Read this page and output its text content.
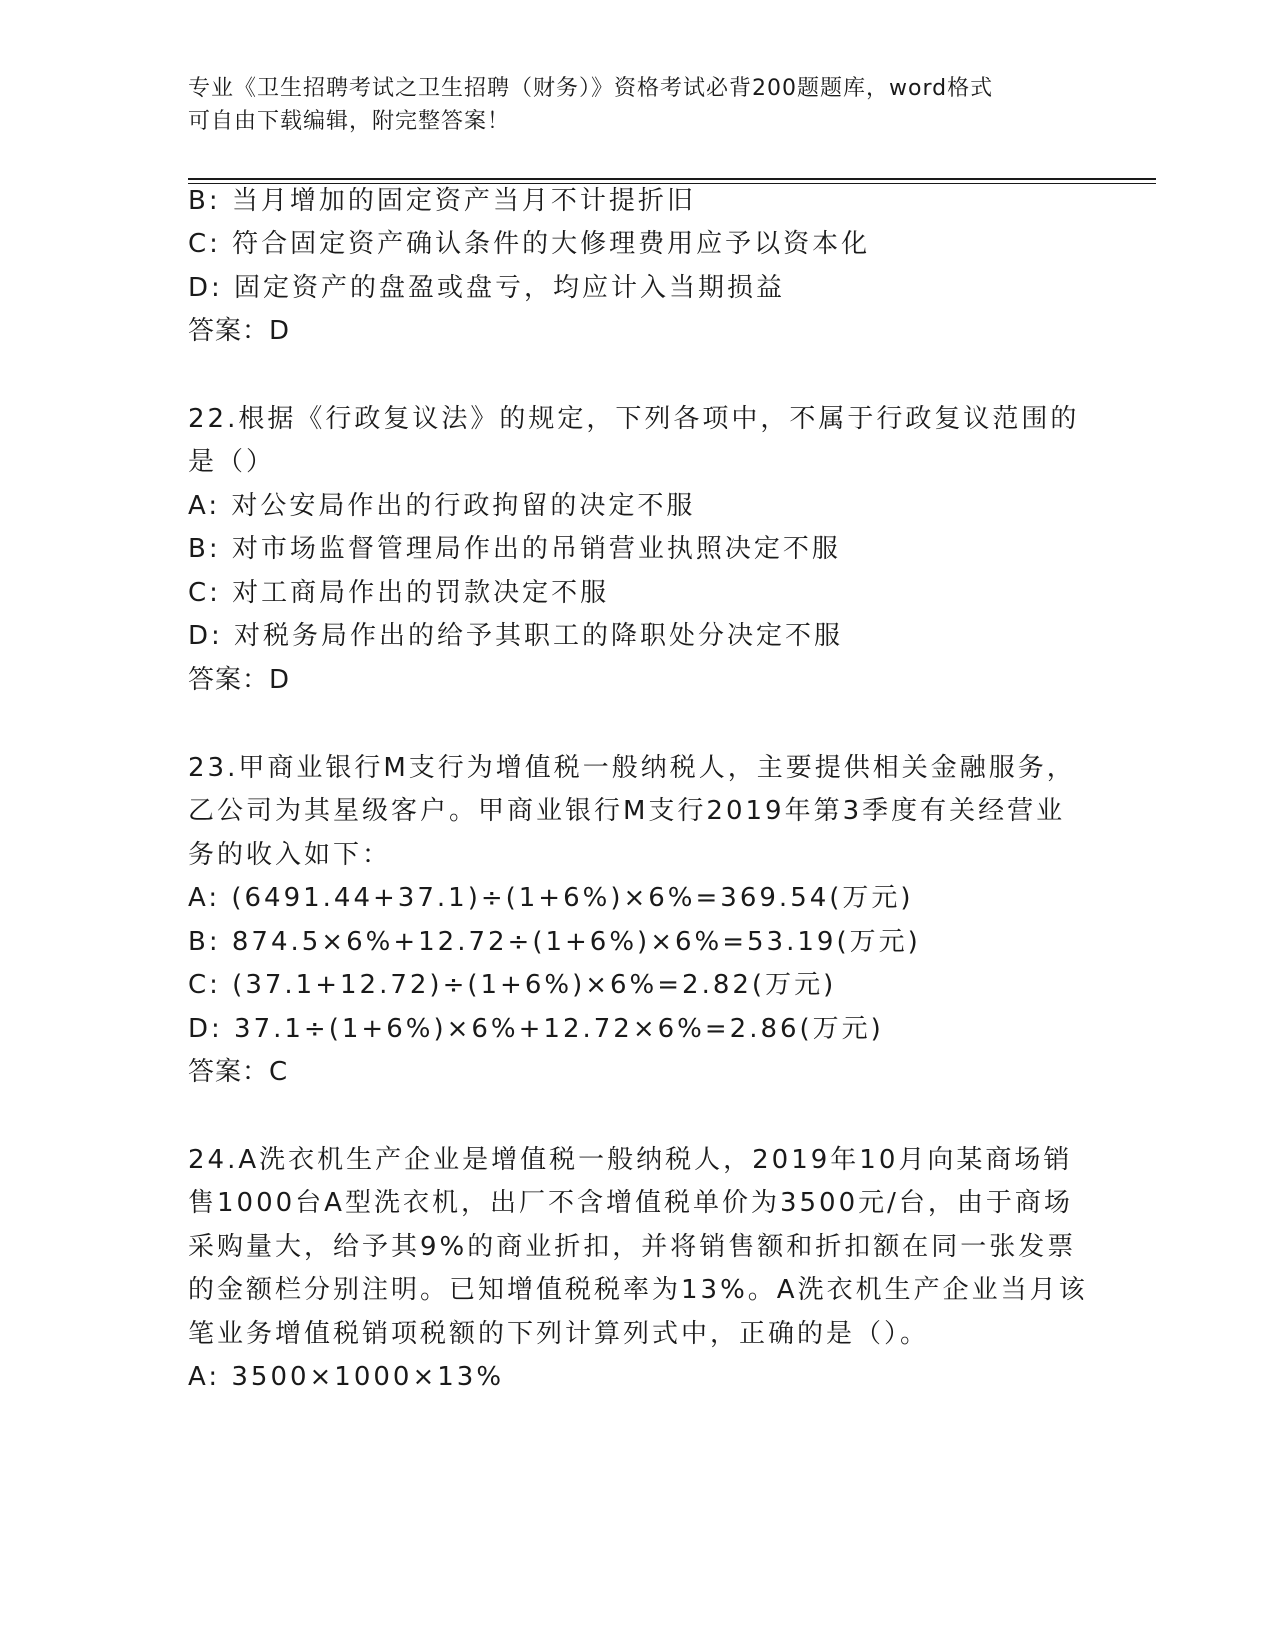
专业《卫生招聘考试之卫生招聘（财务）》资格考试必背200题题库，word格式
可自由下载编辑，附完整答案！
B: 当月增加的固定资产当月不计提折旧
C: 符合固定资产确认条件的大修理费用应予以资本化
D: 固定资产的盘盈或盘亏，均应计入当期损益
答案：D
22.根据《行政复议法》的规定，下列各项中，不属于行政复议范围的
是（）
A: 对公安局作出的行政拘留的决定不服
B: 对市场监督管理局作出的吊销营业执照决定不服
C: 对工商局作出的罚款决定不服
D: 对税务局作出的给予其职工的降职处分决定不服
答案：D
23.甲商业银行M支行为增值税一般纳税人，主要提供相关金融服务，
乙公司为其星级客户。甲商业银行M支行2019年第3季度有关经营业
务的收入如下：
A: (6491.44+37.1)÷(1+6%)×6%=369.54(万元)
B: 874.5×6%+12.72÷(1+6%)×6%=53.19(万元)
C: (37.1+12.72)÷(1+6%)×6%=2.82(万元)
D: 37.1÷(1+6%)×6%+12.72×6%=2.86(万元)
答案：C
24.A洗衣机生产企业是增值税一般纳税人，2019年10月向某商场销
售1000台A型洗衣机，出厂不含增值税单价为3500元/台，由于商场
采购量大，给予其9%的商业折扣，并将销售额和折扣额在同一张发票
的金额栏分别注明。已知增值税税率为13%。A洗衣机生产企业当月该
笔业务增值税销项税额的下列计算列式中，正确的是（）。
A: 3500×1000×13%
